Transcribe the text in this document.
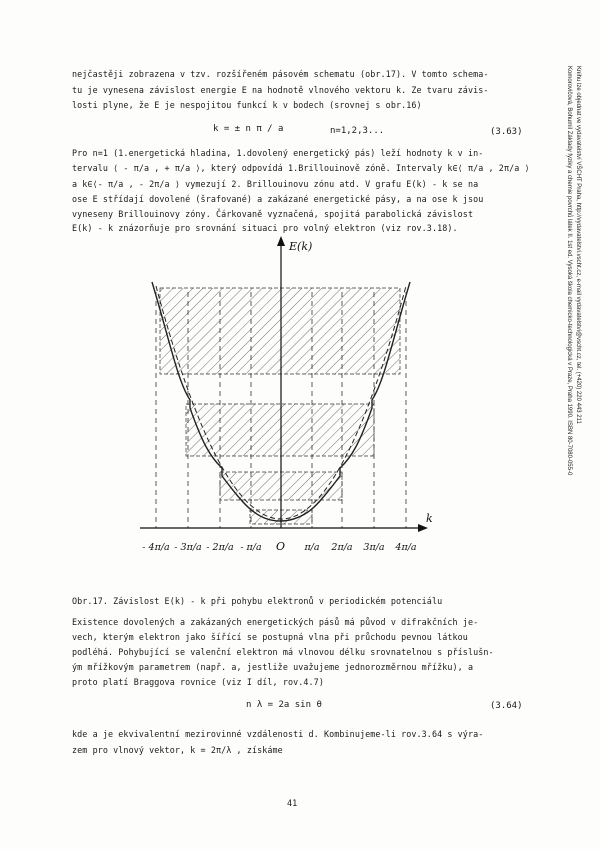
Komorovičová, Bohumil Základy fyziky a chemie povrchů látek II. 1st ed. Vysoká škola chemicko-technologická v Praze, Praha 1990. ISBN 80-7080-055-0 Knihu lze objednat ve vydavatelství VŠCHT Praha, http://vydavatelstvi.vscht.cz, e-mail vydavatelstvi@vscht.cz, tel. (+420) 220 443 211
nejčastěji zobrazena v tzv. rozšířeném pásovém schematu (obr.17). V tomto schema-
tu je vynesena závislost energie E na hodnotě vlnového vektoru k. Ze tvaru závis-
losti plyne, že E je nespojitou funkcí k v bodech (srovnej s obr.16)
k = ± n π / a	n=1,2,3...	(3.63)
Pro n=1 (1.energetická hladina, 1.dovolený energetický pás) leží hodnoty k v in-
tervalu ⟨ - π/a , + π/a ⟩, který odpovídá 1.Brillouinově zóně. Intervaly k∈⟨ π/a , 2π/a ⟩
a k∈⟨- π/a , - 2π/a ⟩ vymezují 2. Brillouinovu zónu atd. V grafu E(k) - k se na
ose E střídají dovolené (šrafované) a zakázané energetické pásy, a na ose k jsou
vyneseny Brillouinovy zóny. Čárkovaně vyznačená, spojitá parabolická závislost
E(k) - k znázorňuje pro srovnání situaci pro volný elektron (viz rov.3.18).
E(k)
k
O
- 4π/a - 3π/a - 2π/a - π/a	π/a 2π/a 3π/a 4π/a
Obr.17. Závislost E(k) - k při pohybu elektronů v periodickém potenciálu
Existence dovolených a zakázaných energetických pásů má původ v difrakčních je-
vech, kterým elektron jako šířící se postupná vlna při průchodu pevnou látkou
podléhá. Pohybující se valenční elektron má vlnovou délku srovnatelnou s příslušn-
ým mřížkovým parametrem (např. a, jestliže uvažujeme jednorozměrnou mřížku), a
proto platí Braggova rovnice (viz I díl, rov.4.7)
n λ = 2a sin θ	(3.64)
kde a je ekvivalentní mezirovinné vzdálenosti d. Kombinujeme-li rov.3.64 s výra-
zem pro vlnový vektor, k = 2π/λ , získáme
41
